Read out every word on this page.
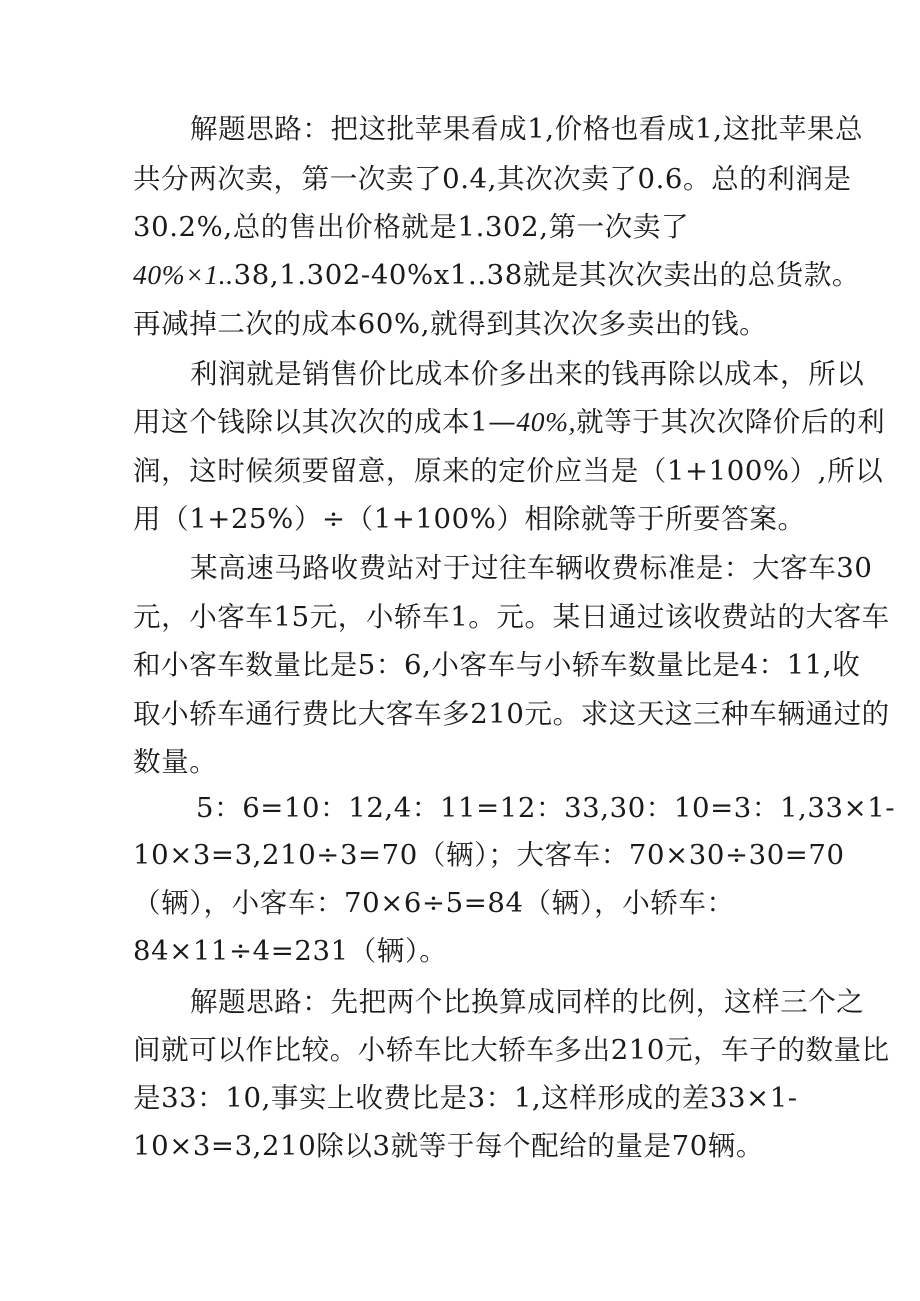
解题思路：把这批苹果看成1,价格也看成1,这批苹果总
共分两次卖，第一次卖了0.4,其次次卖了0.6。总的利润是
30.2%,总的售出价格就是1.302,第一次卖了
40%×1..38,1.302-40%x1..38就是其次次卖出的总货款。
再减掉二次的成本60%,就得到其次次多卖出的钱。
利润就是销售价比成本价多出来的钱再除以成本，所以
用这个钱除以其次次的成本1—40%,就等于其次次降价后的利
润，这时候须要留意，原来的定价应当是（1+100%）,所以
用（1+25%）÷（1+100%）相除就等于所要答案。
某高速马路收费站对于过往车辆收费标准是：大客车30
元，小客车15元，小轿车1。元。某日通过该收费站的大客车
和小客车数量比是5：6,小客车与小轿车数量比是4：11,收
取小轿车通行费比大客车多210元。求这天这三种车辆通过的
数量。
5：6=10：12,4：11=12：33,30：10=3：1,33×1-
10×3=3,210÷3=70（辆）；大客车：70×30÷30=70
（辆），小客车：70×6÷5=84（辆），小轿车：
84×11÷4=231（辆）。
解题思路：先把两个比换算成同样的比例，这样三个之
间就可以作比较。小轿车比大轿车多出210元，车子的数量比
是33：10,事实上收费比是3：1,这样形成的差33×1-
10×3=3,210除以3就等于每个配给的量是70辆。
